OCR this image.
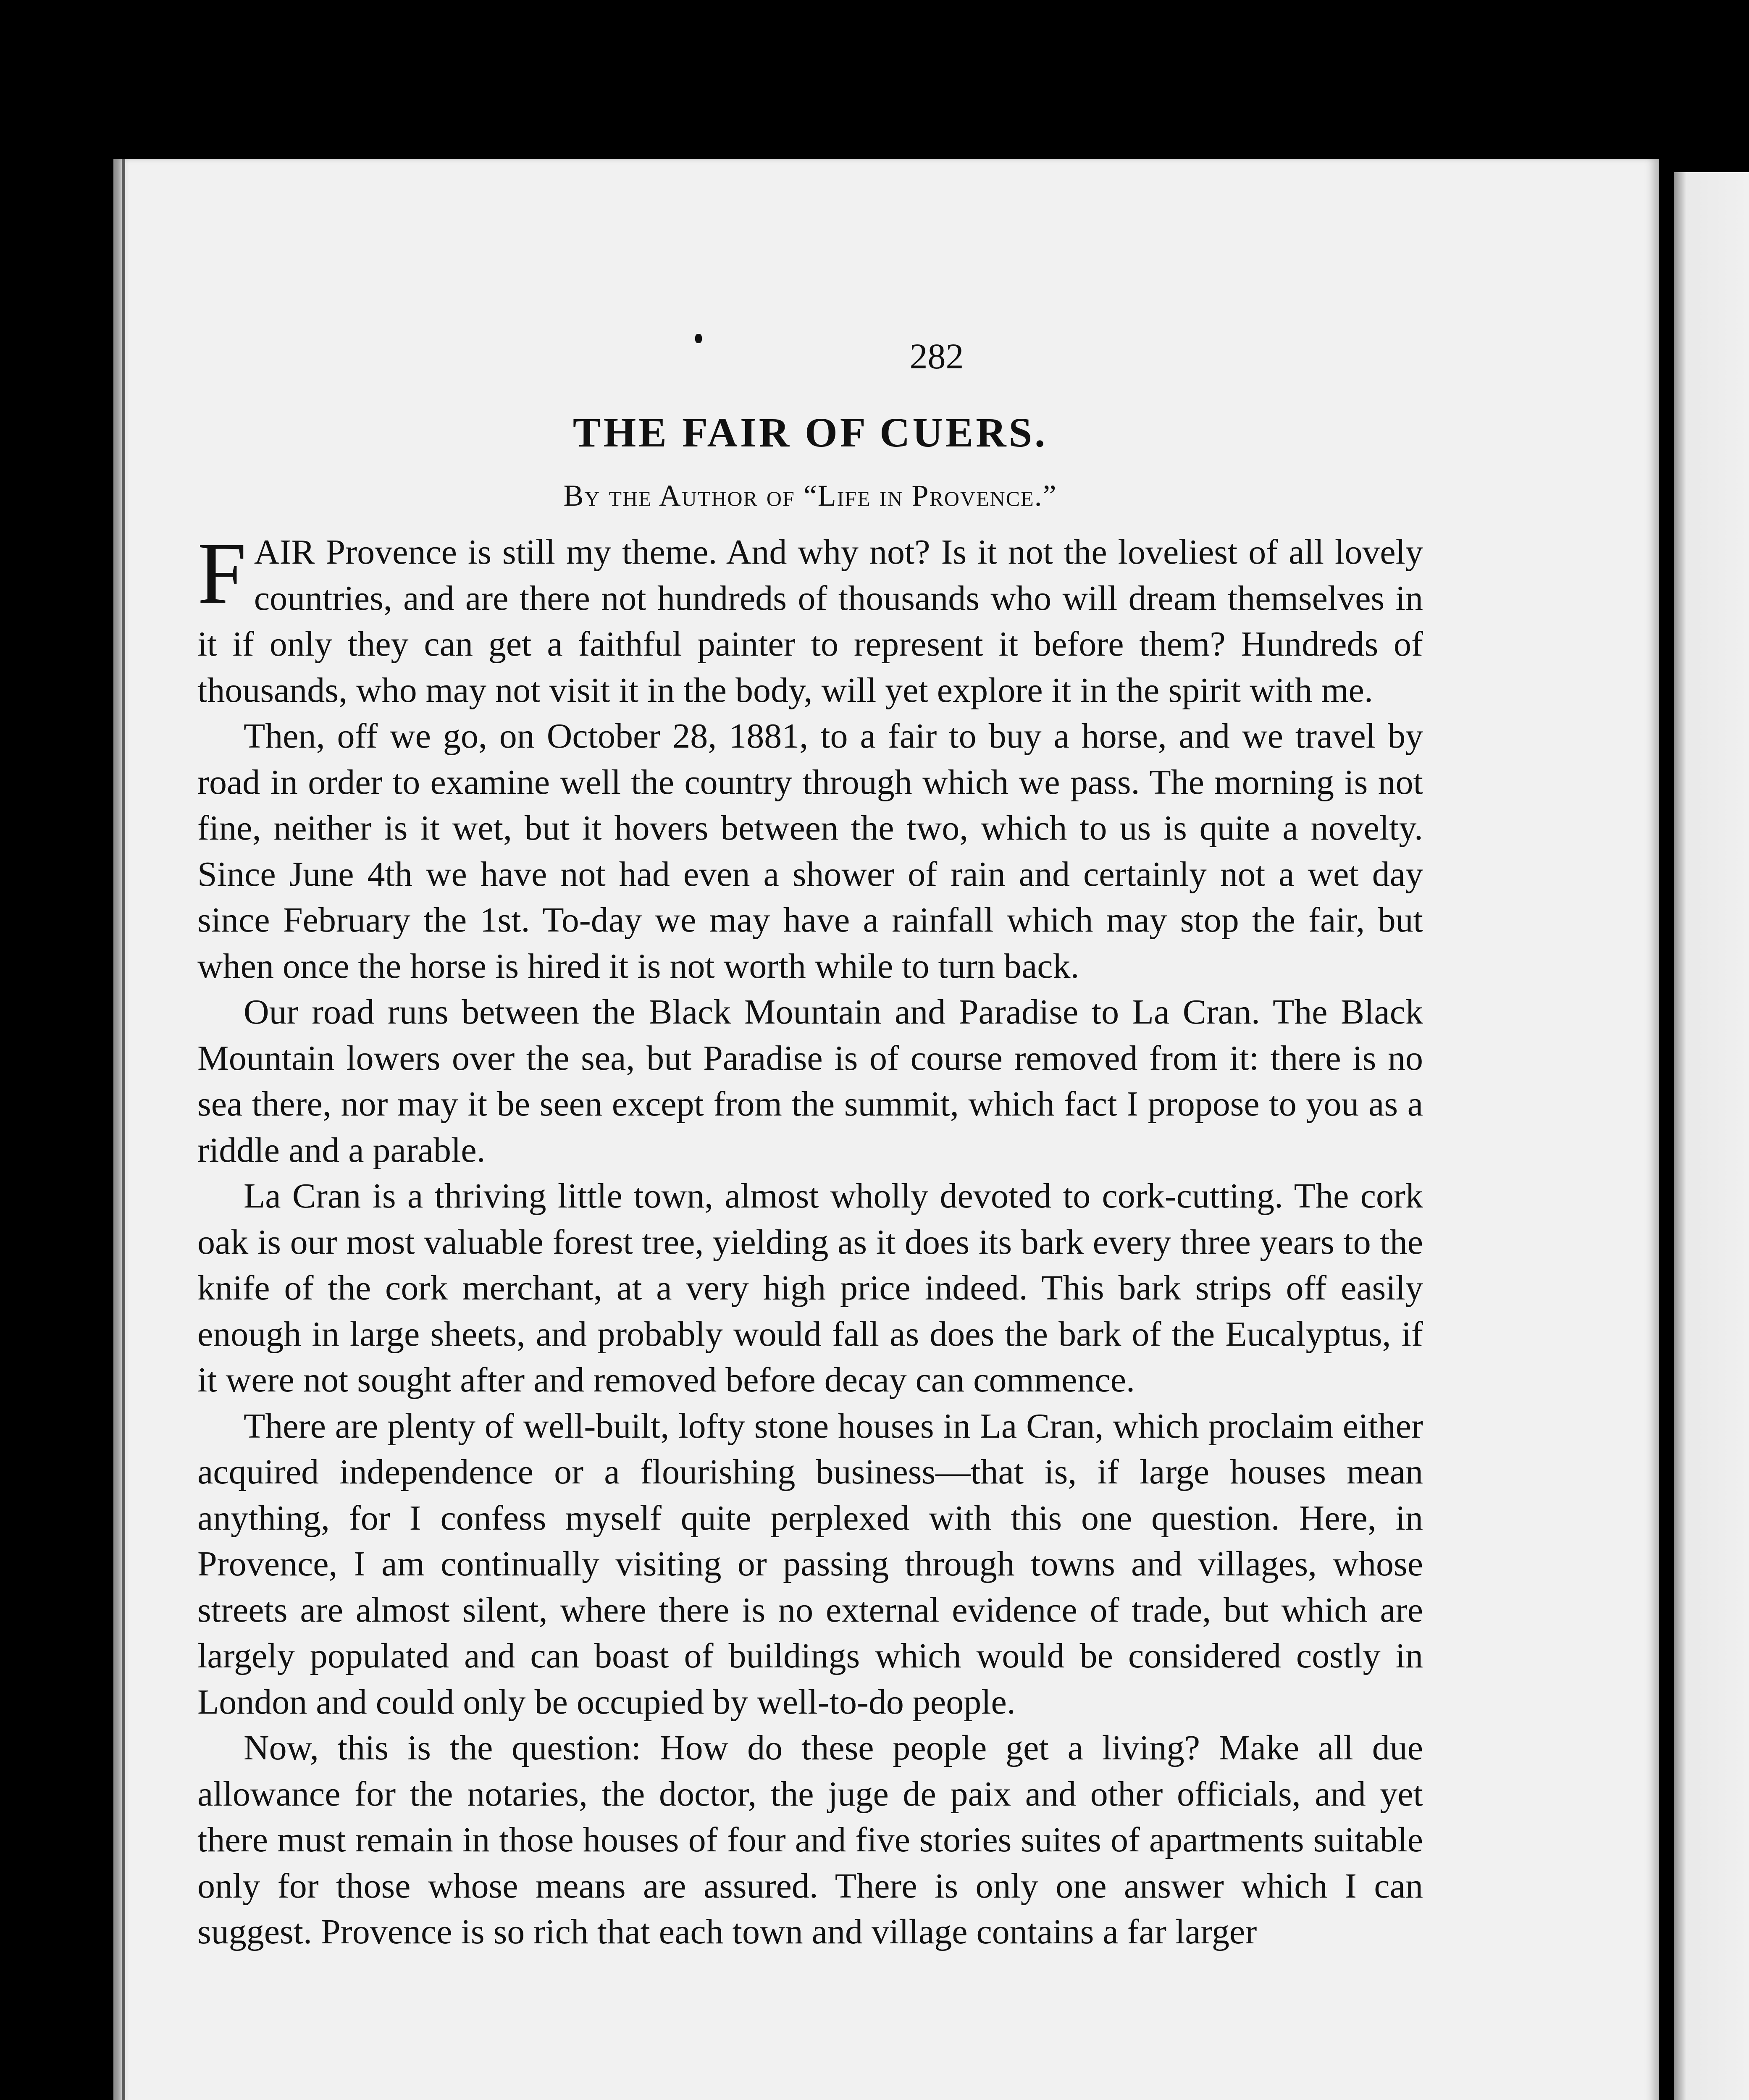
282
THE FAIR OF CUERS.
By the Author of “Life in Provence.”

FAIR Provence is still my theme. And why not? Is it not the loveliest of all lovely countries, and are there not hundreds of thousands who will dream themselves in it if only they can get a faithful painter to represent it before them? Hundreds of thousands, who may not visit it in the body, will yet explore it in the spirit with me.

Then, off we go, on October 28, 1881, to a fair to buy a horse, and we travel by road in order to examine well the country through which we pass. The morning is not fine, neither is it wet, but it hovers between the two, which to us is quite a novelty. Since June 4th we have not had even a shower of rain and certainly not a wet day since February the 1st. To-day we may have a rainfall which may stop the fair, but when once the horse is hired it is not worth while to turn back.

Our road runs between the Black Mountain and Paradise to La Cran. The Black Mountain lowers over the sea, but Paradise is of course removed from it: there is no sea there, nor may it be seen except from the summit, which fact I propose to you as a riddle and a parable.

La Cran is a thriving little town, almost wholly devoted to cork-cutting. The cork oak is our most valuable forest tree, yielding as it does its bark every three years to the knife of the cork merchant, at a very high price indeed. This bark strips off easily enough in large sheets, and probably would fall as does the bark of the Eucalyptus, if it were not sought after and removed before decay can commence.

There are plenty of well-built, lofty stone houses in La Cran, which proclaim either acquired independence or a flourishing business—that is, if large houses mean anything, for I confess myself quite perplexed with this one question. Here, in Provence, I am continually visiting or passing through towns and villages, whose streets are almost silent, where there is no external evidence of trade, but which are largely populated and can boast of buildings which would be considered costly in London and could only be occupied by well-to-do people.

Now, this is the question: How do these people get a living? Make all due allowance for the notaries, the doctor, the juge de paix and other officials, and yet there must remain in those houses of four and five stories suites of apartments suitable only for those whose means are assured. There is only one answer which I can suggest. Provence is so rich that each town and village contains a far larger
